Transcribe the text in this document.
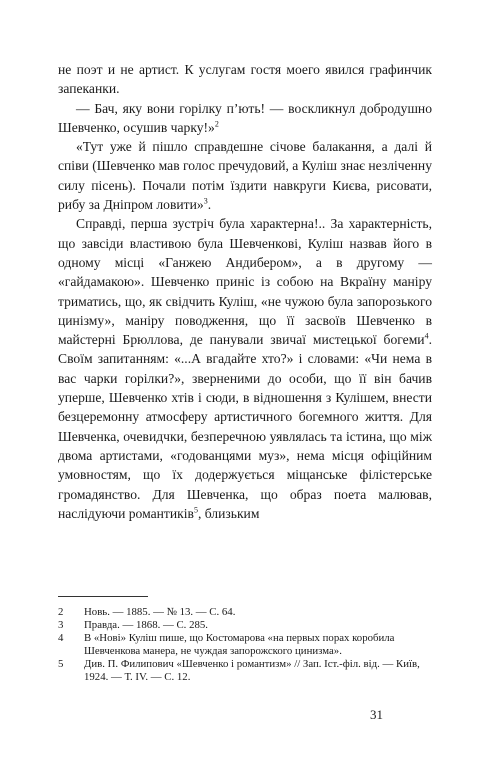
не поэт и не артист. К услугам гостя моего явился графинчик запеканки.

— Бач, яку вони горілку п’ють! — воскликнул добродушно Шевченко, осушив чарку!»$^2$

«Тут уже й пішло справдешне січове балакання, а далі й співи (Шевченко мав голос пречудовий, а Куліш знає незліченну силу пісень). Почали потім їздити навкруги Києва, рисовати, рибу за Дніпром ловити»$^3$.

Справді, перша зустріч була характерна!.. За характерність, що завсіди властивою була Шевченкові, Куліш назвав його в одному місці «Ганжею Андибером», а в другому — «гайдамакою». Шевченко приніс із собою на Вкраїну маніру триматись, що, як свідчить Куліш, «не чужою була запорозького цинізму», маніру поводження, що її засвоїв Шевченко в майстерні Брюллова, де панували звичаї мистецької богеми$^4$. Своїм запитанням: «...А вгадайте хто?» і словами: «Чи нема в вас чарки горілки?», зверненими до особи, що її він бачив уперше, Шевченко хтів і сюди, в відношення з Кулішем, внести безцеремонну атмосферу артистичного богемного життя. Для Шевченка, очевидчки, безперечною уявлялась та істина, що між двома артистами, «годованцями муз», нема місця офіційним умовностям, що їх додержується міщанське філістерське громадянство. Для Шевченка, що образ поета малював, наслідуючи романтиків$^5$, близьким

2	Новь. — 1885. — № 13. — С. 64.
3	Правда. — 1868. — С. 285.
4	В «Нові» Куліш пише, що Костомарова «на первых порах коробила Шевченкова манера, не чуждая запорожского цинизма».
5	Див. П. Филипович «Шевченко і романтизм» // Зап. Іст.-філ. від. — Київ, 1924. — Т. IV. — С. 12.
31
